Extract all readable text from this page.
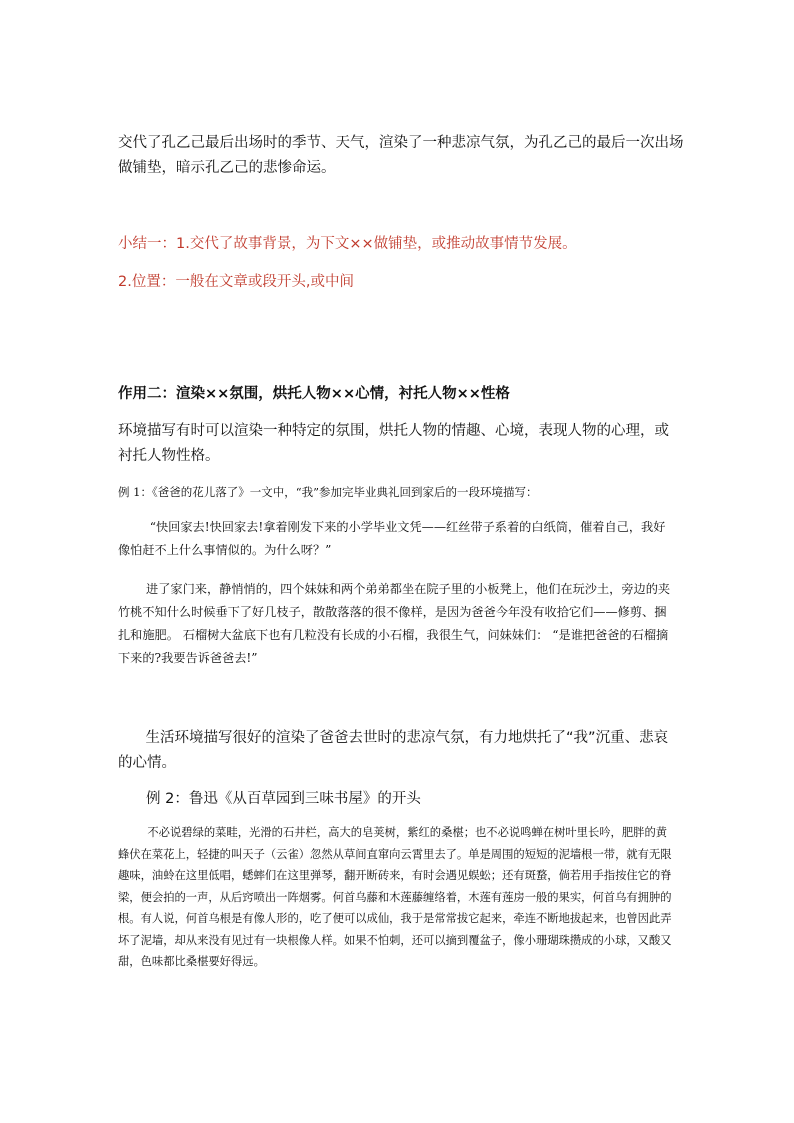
交代了孔乙己最后出场时的季节、天气，渲染了一种悲凉气氛，为孔乙己的最后一次出场做铺垫，暗示孔乙己的悲惨命运。
小结一：1.交代了故事背景，为下文××做铺垫，或推动故事情节发展。
2.位置：一般在文章或段开头,或中间
作用二：渲染××氛围，烘托人物××心情，衬托人物××性格
环境描写有时可以渲染一种特定的氛围，烘托人物的情趣、心境，表现人物的心理，或衬托人物性格。
例 1：《爸爸的花儿落了》一文中，“我”参加完毕业典礼回到家后的一段环境描写：
“快回家去!快回家去!拿着刚发下来的小学毕业文凭——红丝带子系着的白纸筒，催着自己，我好像怕赶不上什么事情似的。为什么呀？”
进了家门来，静悄悄的，四个妹妹和两个弟弟都坐在院子里的小板凳上，他们在玩沙土，旁边的夹竹桃不知什么时候垂下了好几枝子，散散落落的很不像样，是因为爸爸今年没有收拾它们——修剪、捆扎和施肥。 石榴树大盆底下也有几粒没有长成的小石榴，我很生气，问妹妹们： “是谁把爸爸的石榴摘下来的?我要告诉爸爸去!”
生活环境描写很好的渲染了爸爸去世时的悲凉气氛，有力地烘托了“我”沉重、悲哀的心情。
例 2：鲁迅《从百草园到三味书屋》的开头
不必说碧绿的菜畦，光滑的石井栏，高大的皂荚树，紫红的桑椹；也不必说鸣蝉在树叶里长吟，肥胖的黄蜂伏在菜花上，轻捷的叫天子（云雀）忽然从草间直窜向云霄里去了。单是周围的短短的泥墙根一带，就有无限趣味，油蛉在这里低唱，蟋蟀们在这里弹琴，翻开断砖来，有时会遇见蜈蚣；还有斑蝥，倘若用手指按住它的脊梁，便会拍的一声，从后窍喷出一阵烟雾。何首乌藤和木莲藤缠络着，木莲有莲房一般的果实，何首乌有拥肿的根。有人说，何首乌根是有像人形的，吃了便可以成仙，我于是常常拔它起来，牵连不断地拔起来，也曾因此弄坏了泥墙，却从来没有见过有一块根像人样。如果不怕刺，还可以摘到覆盆子，像小珊瑚珠攒成的小球，又酸又甜，色味都比桑椹要好得远。
